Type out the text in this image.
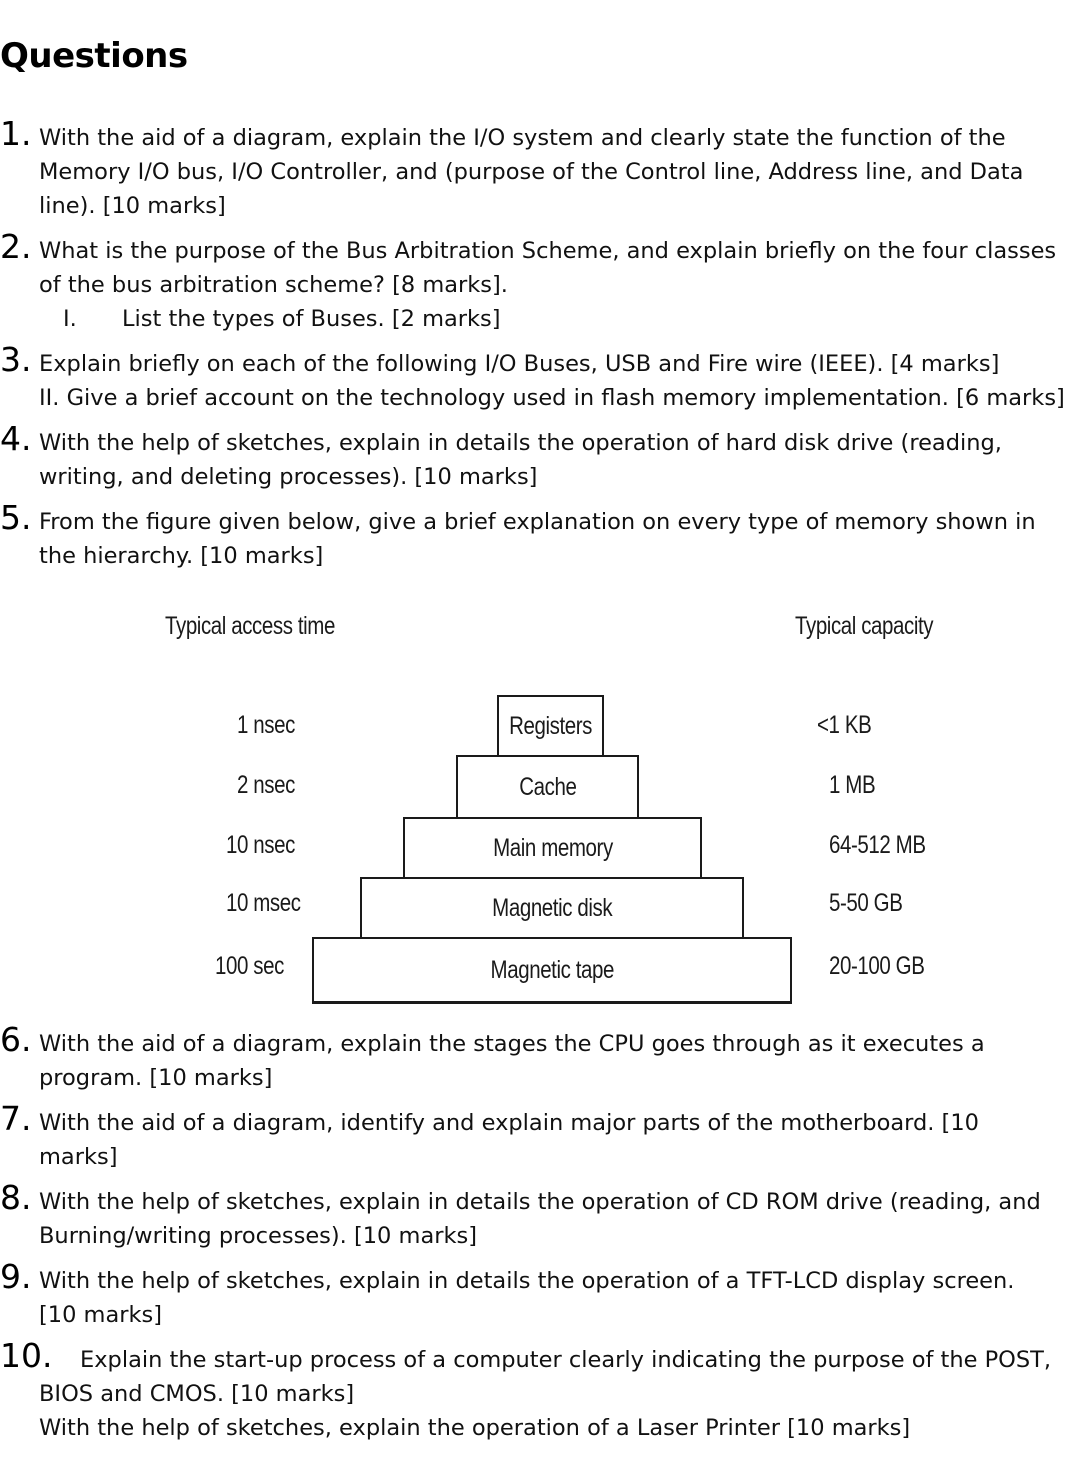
Questions
1. With the aid of a diagram, explain the I/O system and clearly state the function of the
Memory I/O bus, I/O Controller, and (purpose of the Control line, Address line, and Data
line). [10 marks]
2. What is the purpose of the Bus Arbitration Scheme, and explain briefly on the four classes
of the bus arbitration scheme? [8 marks].
I. List the types of Buses. [2 marks]
3. Explain briefly on each of the following I/O Buses, USB and Fire wire (IEEE). [4 marks]
II. Give a brief account on the technology used in flash memory implementation. [6 marks]
4. With the help of sketches, explain in details the operation of hard disk drive (reading,
writing, and deleting processes). [10 marks]
5. From the figure given below, give a brief explanation on every type of memory shown in
the hierarchy. [10 marks]
Typical access time	Typical capacity
1 nsec	Registers	<1 KB
2 nsec	Cache	1 MB
10 nsec	Main memory	64-512 MB
10 msec	Magnetic disk	5-50 GB
100 sec	Magnetic tape	20-100 GB
6. With the aid of a diagram, explain the stages the CPU goes through as it executes a
program. [10 marks]
7. With the aid of a diagram, identify and explain major parts of the motherboard. [10
marks]
8. With the help of sketches, explain in details the operation of CD ROM drive (reading, and
Burning/writing processes). [10 marks]
9. With the help of sketches, explain in details the operation of a TFT-LCD display screen.
[10 marks]
10. Explain the start-up process of a computer clearly indicating the purpose of the POST,
BIOS and CMOS. [10 marks]
With the help of sketches, explain the operation of a Laser Printer [10 marks]
